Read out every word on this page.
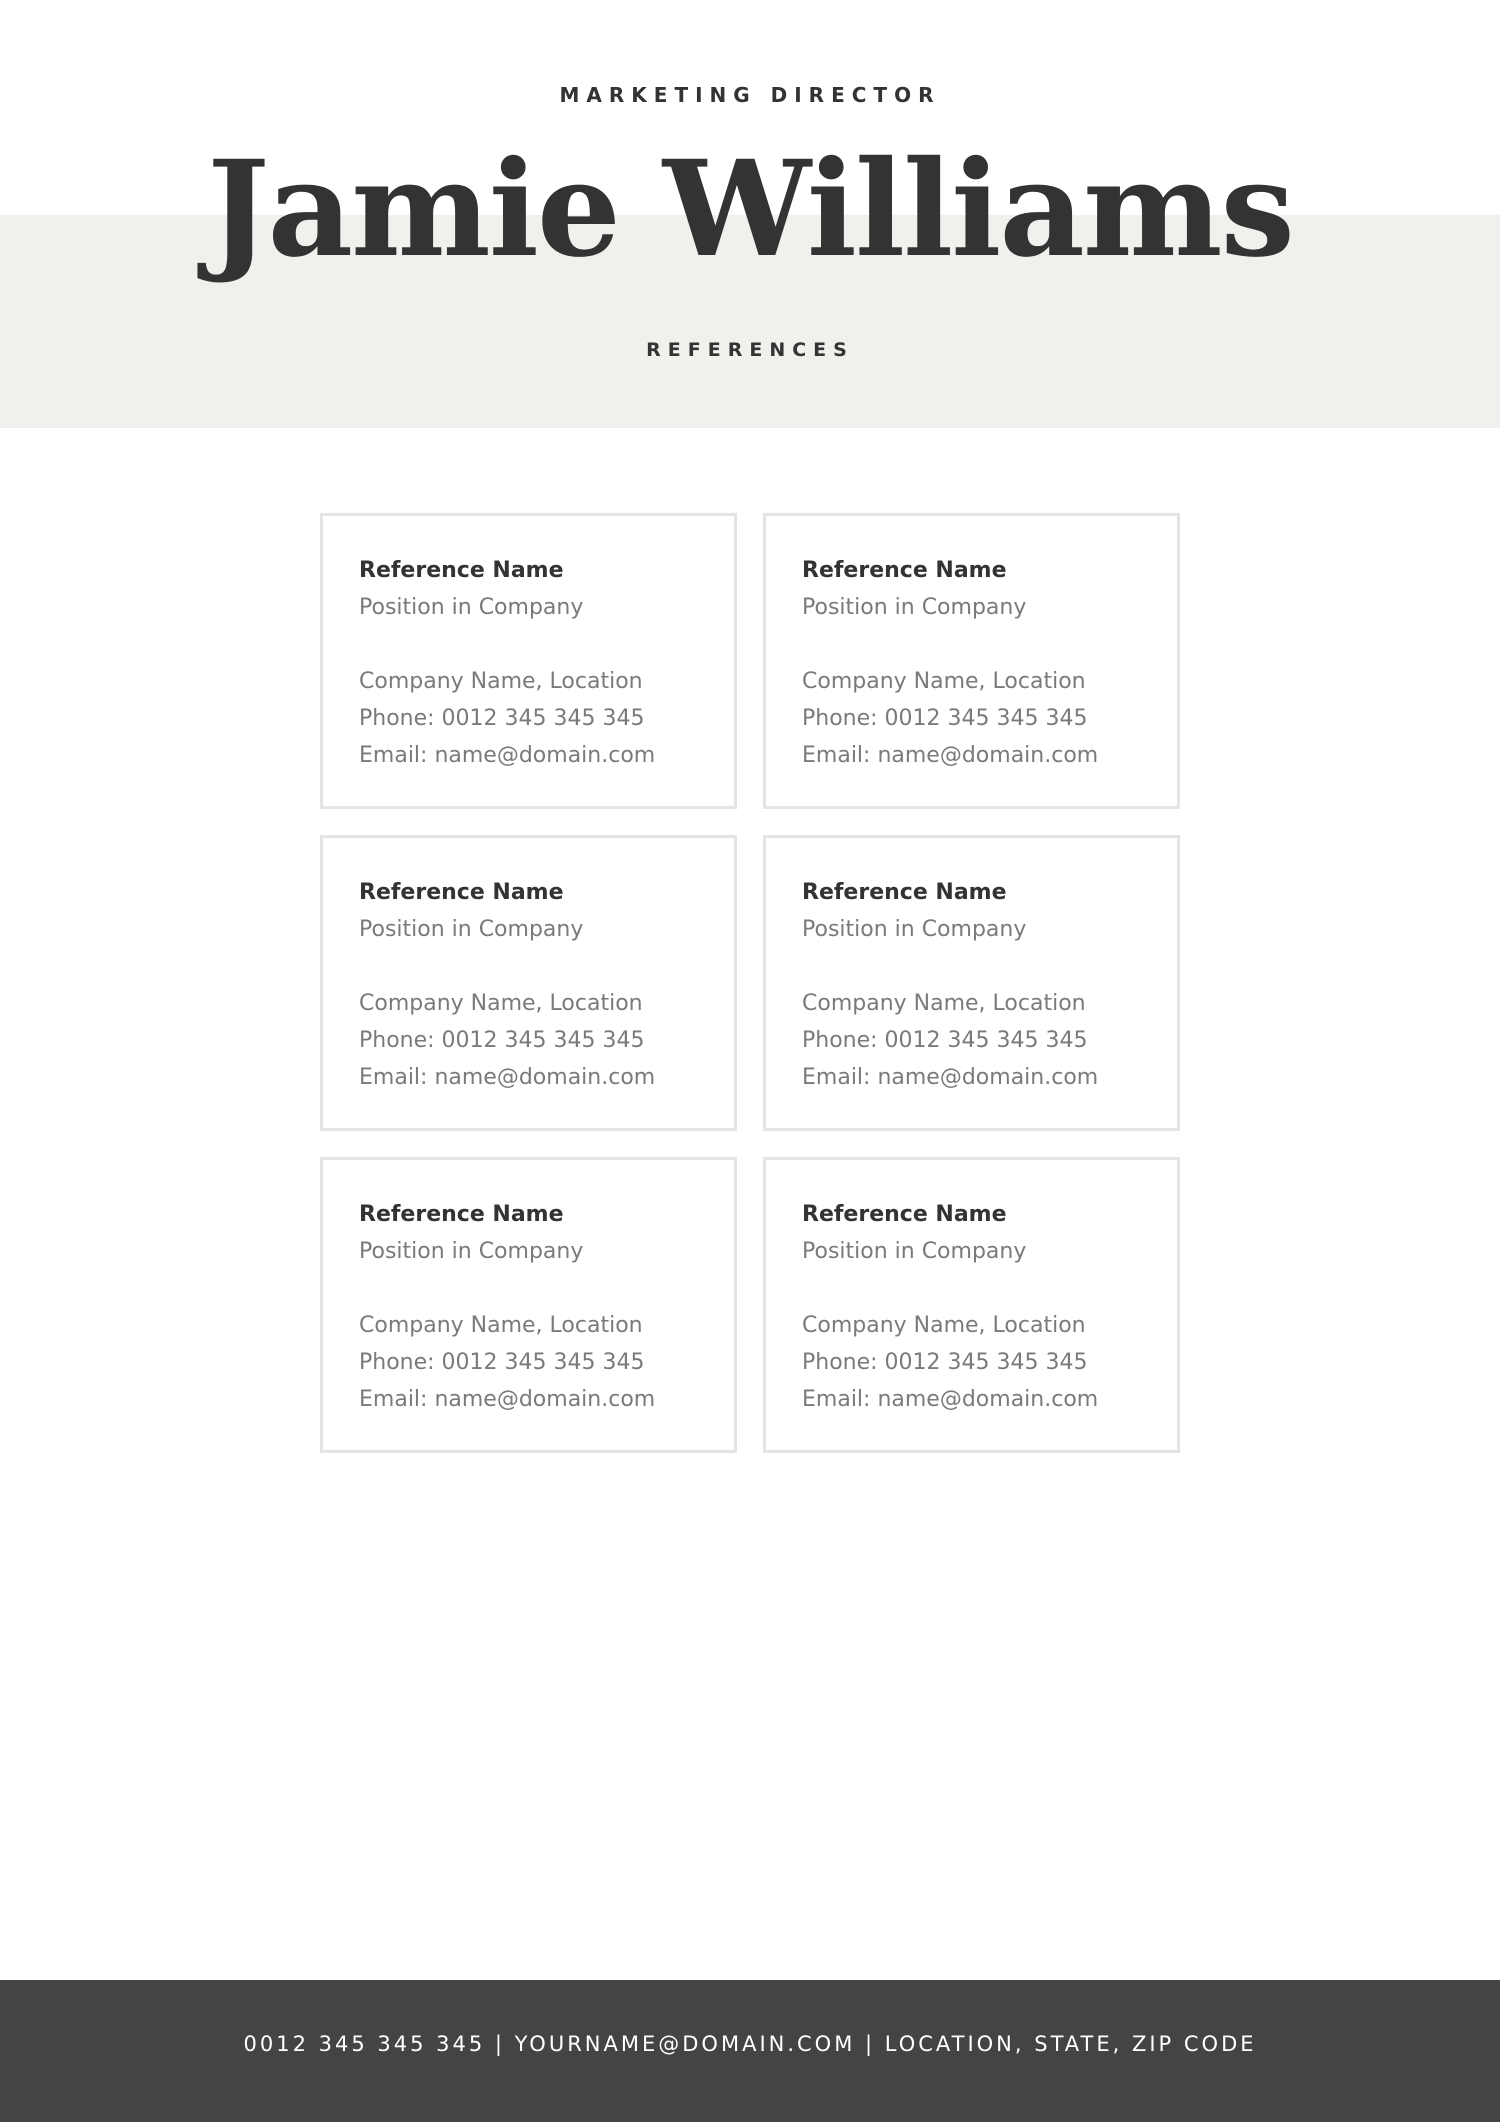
MARKETING DIRECTOR
Jamie Williams
REFERENCES
Reference Name
Position in Company
Company Name, Location
Phone: 0012 345 345 345
Email: name@domain.com
Reference Name
Position in Company
Company Name, Location
Phone: 0012 345 345 345
Email: name@domain.com
Reference Name
Position in Company
Company Name, Location
Phone: 0012 345 345 345
Email: name@domain.com
Reference Name
Position in Company
Company Name, Location
Phone: 0012 345 345 345
Email: name@domain.com
Reference Name
Position in Company
Company Name, Location
Phone: 0012 345 345 345
Email: name@domain.com
Reference Name
Position in Company
Company Name, Location
Phone: 0012 345 345 345
Email: name@domain.com
0012 345 345 345 | YOURNAME@DOMAIN.COM | LOCATION, STATE, ZIP CODE
